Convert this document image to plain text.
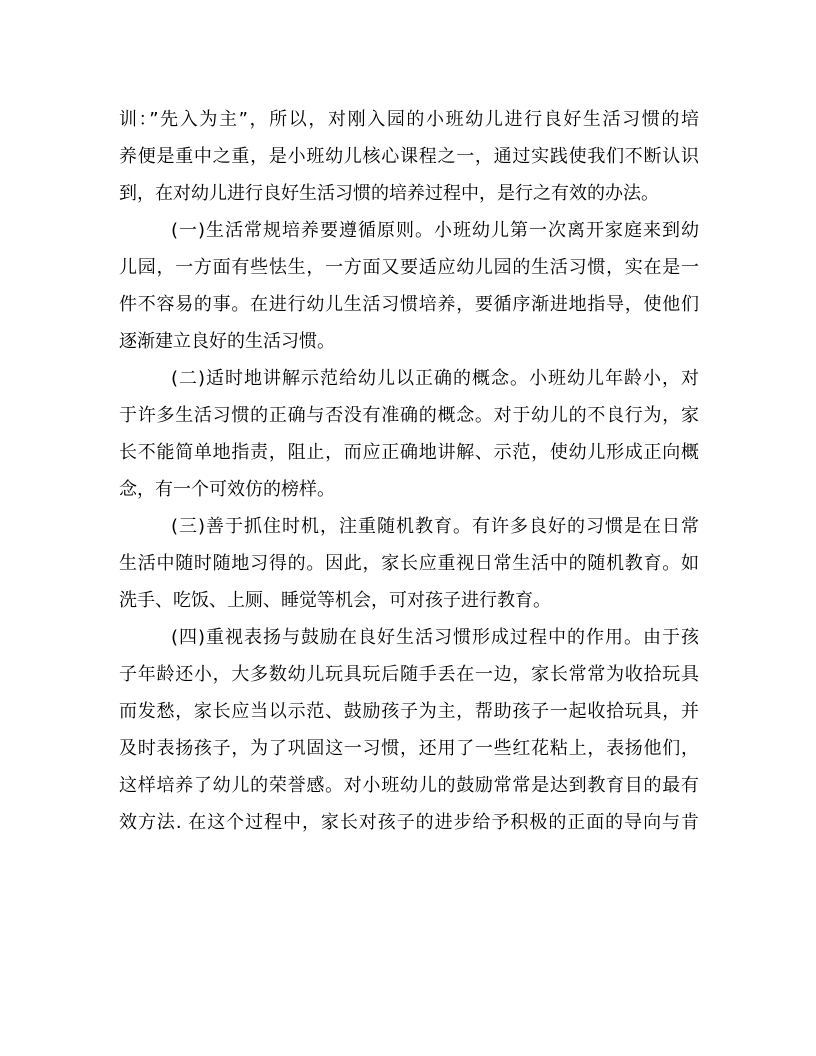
训：”先入为主”，所以，对刚入园的小班幼儿进行良好生活习惯的培
养便是重中之重，是小班幼儿核心课程之一，通过实践使我们不断认识
到，在对幼儿进行良好生活习惯的培养过程中，是行之有效的办法。
(一)生活常规培养要遵循原则。小班幼儿第一次离开家庭来到幼
儿园，一方面有些怯生，一方面又要适应幼儿园的生活习惯，实在是一
件不容易的事。在进行幼儿生活习惯培养，要循序渐进地指导，使他们
逐渐建立良好的生活习惯。
(二)适时地讲解示范给幼儿以正确的概念。小班幼儿年龄小，对
于许多生活习惯的正确与否没有准确的概念。对于幼儿的不良行为，家
长不能简单地指责，阻止，而应正确地讲解、示范，使幼儿形成正向概
念，有一个可效仿的榜样。
(三)善于抓住时机，注重随机教育。有许多良好的习惯是在日常
生活中随时随地习得的。因此，家长应重视日常生活中的随机教育。如
洗手、吃饭、上厕、睡觉等机会，可对孩子进行教育。
(四)重视表扬与鼓励在良好生活习惯形成过程中的作用。由于孩
子年龄还小，大多数幼儿玩具玩后随手丢在一边，家长常常为收拾玩具
而发愁，家长应当以示范、鼓励孩子为主，帮助孩子一起收拾玩具，并
及时表扬孩子，为了巩固这一习惯，还用了一些红花粘上，表扬他们，
这样培养了幼儿的荣誉感。对小班幼儿的鼓励常常是达到教育目的最有
效方法. 在这个过程中，家长对孩子的进步给予积极的正面的导向与肯
